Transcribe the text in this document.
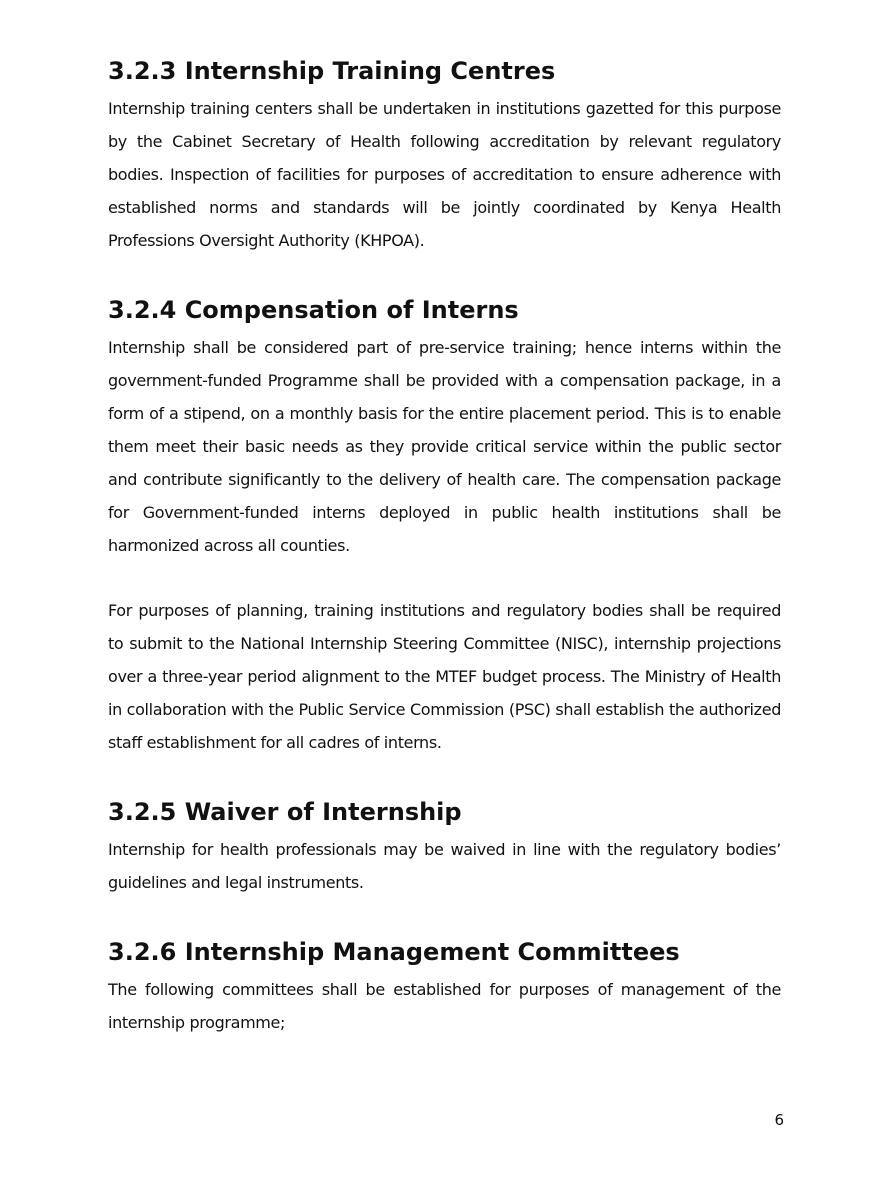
3.2.3 Internship Training Centres

Internship training centers shall be undertaken in institutions gazetted for this purpose by the Cabinet Secretary of Health following accreditation by relevant regulatory bodies. Inspection of facilities for purposes of accreditation to ensure adherence with established norms and standards will be jointly coordinated by Kenya Health Professions Oversight Authority (KHPOA).

3.2.4 Compensation of Interns

Internship shall be considered part of pre-service training; hence interns within the government-funded Programme shall be provided with a compensation package, in a form of a stipend, on a monthly basis for the entire placement period. This is to enable them meet their basic needs as they provide critical service within the public sector and contribute significantly to the delivery of health care. The compensation package for Government-funded interns deployed in public health institutions shall be harmonized across all counties.

For purposes of planning, training institutions and regulatory bodies shall be required to submit to the National Internship Steering Committee (NISC), internship projections over a three-year period alignment to the MTEF budget process. The Ministry of Health in collaboration with the Public Service Commission (PSC) shall establish the authorized staff establishment for all cadres of interns.

3.2.5 Waiver of Internship

Internship for health professionals may be waived in line with the regulatory bodies’ guidelines and legal instruments.

3.2.6 Internship Management Committees

The following committees shall be established for purposes of management of the internship programme;

6
